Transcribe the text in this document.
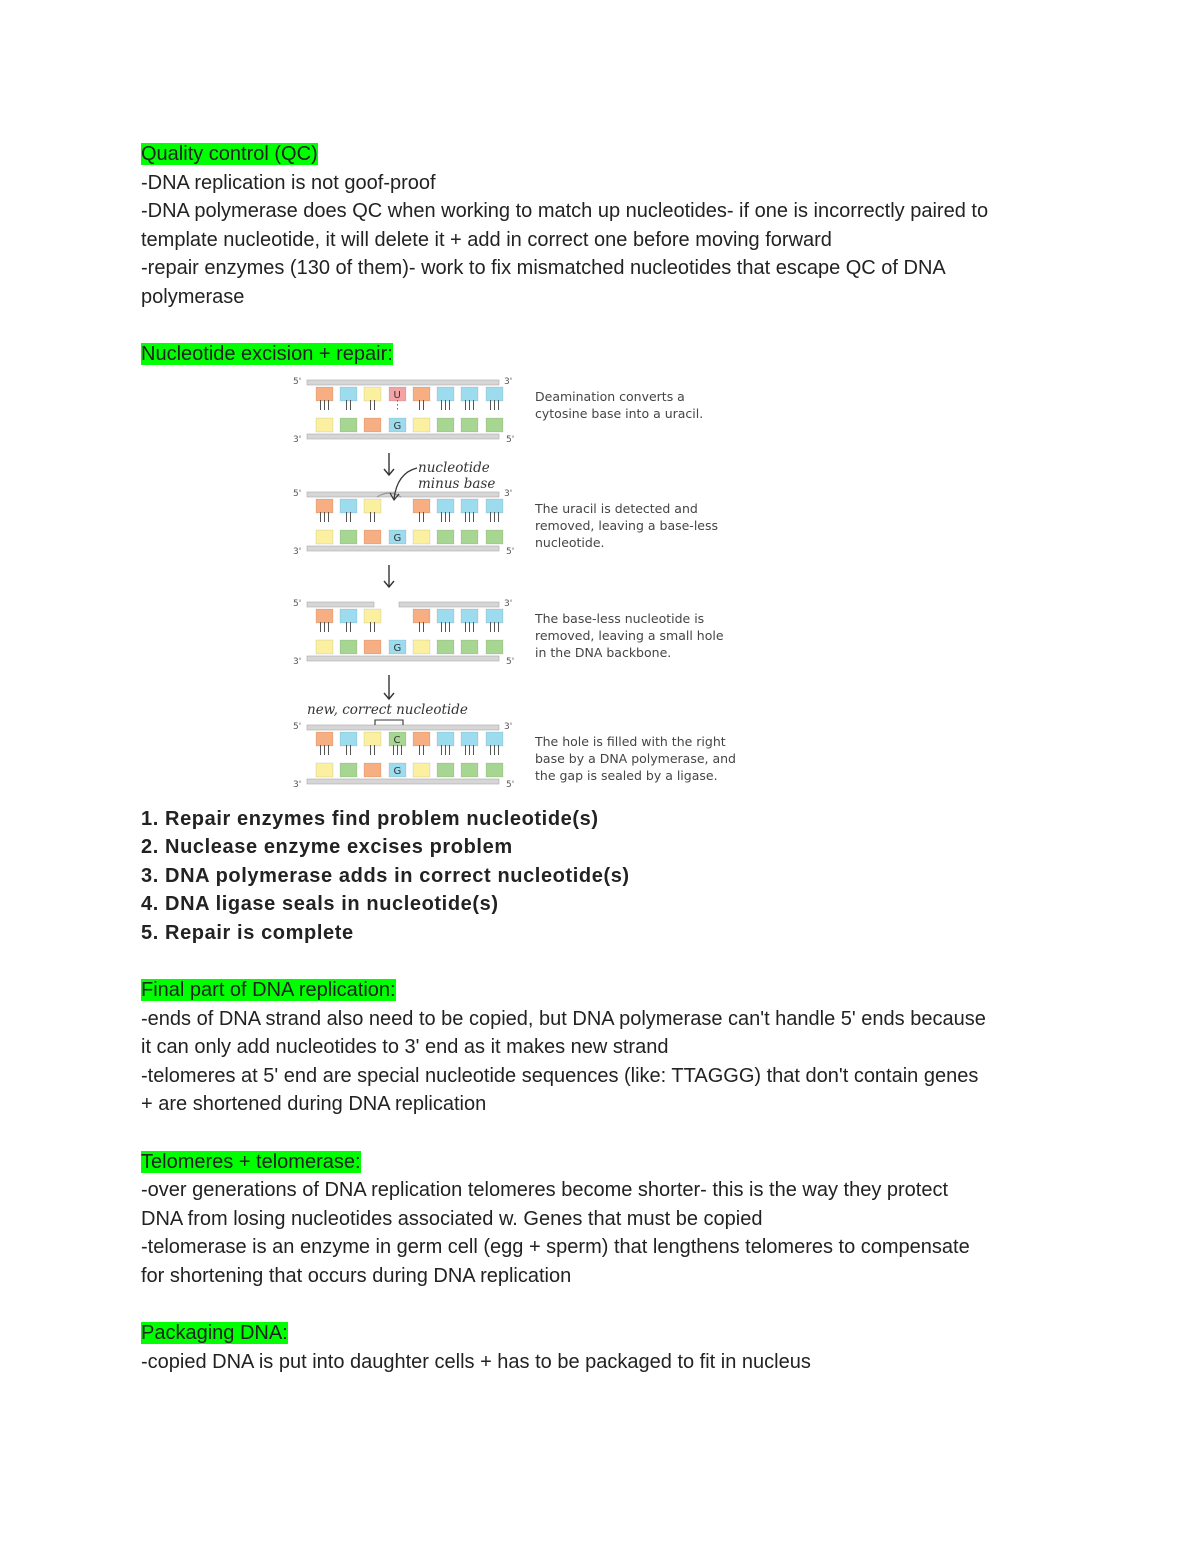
Quality control (QC)

-DNA replication is not goof-proof

-DNA polymerase does QC when working to match up nucleotides- if one is incorrectly paired to

template nucleotide, it will delete it + add in correct one before moving forward

-repair enzymes (130 of them)- work to fix mismatched nucleotides that escape QC of DNA

polymerase

Nucleotide excision + repair:

5'	3'
3'	5'
G
U	Deamination converts a
cytosine base into a uracil.
5'	3'
3'	5'
G
The uracil is detected and
removed, leaving a base-less
nucleotide.
5'	3'
3'	5'
G
The base-less nucleotide is
removed, leaving a small hole
in the DNA backbone.
5'	3'
3'	5'
G
C	The hole is filled with the right
base by a DNA polymerase, and
the gap is sealed by a ligase.
nucleotide
minus base
new, correct nucleotide

1. Repair enzymes find problem nucleotide(s)

2. Nuclease enzyme excises problem

3. DNA polymerase adds in correct nucleotide(s)

4. DNA ligase seals in nucleotide(s)

5. Repair is complete

Final part of DNA replication:

-ends of DNA strand also need to be copied, but DNA polymerase can't handle 5' ends because

it can only add nucleotides to 3' end as it makes new strand

-telomeres at 5' end are special nucleotide sequences (like: TTAGGG) that don't contain genes

+ are shortened during DNA replication

Telomeres + telomerase:

-over generations of DNA replication telomeres become shorter- this is the way they protect

DNA from losing nucleotides associated w. Genes that must be copied

-telomerase is an enzyme in germ cell (egg + sperm) that lengthens telomeres to compensate

for shortening that occurs during DNA replication

Packaging DNA:

-copied DNA is put into daughter cells + has to be packaged to fit in nucleus
